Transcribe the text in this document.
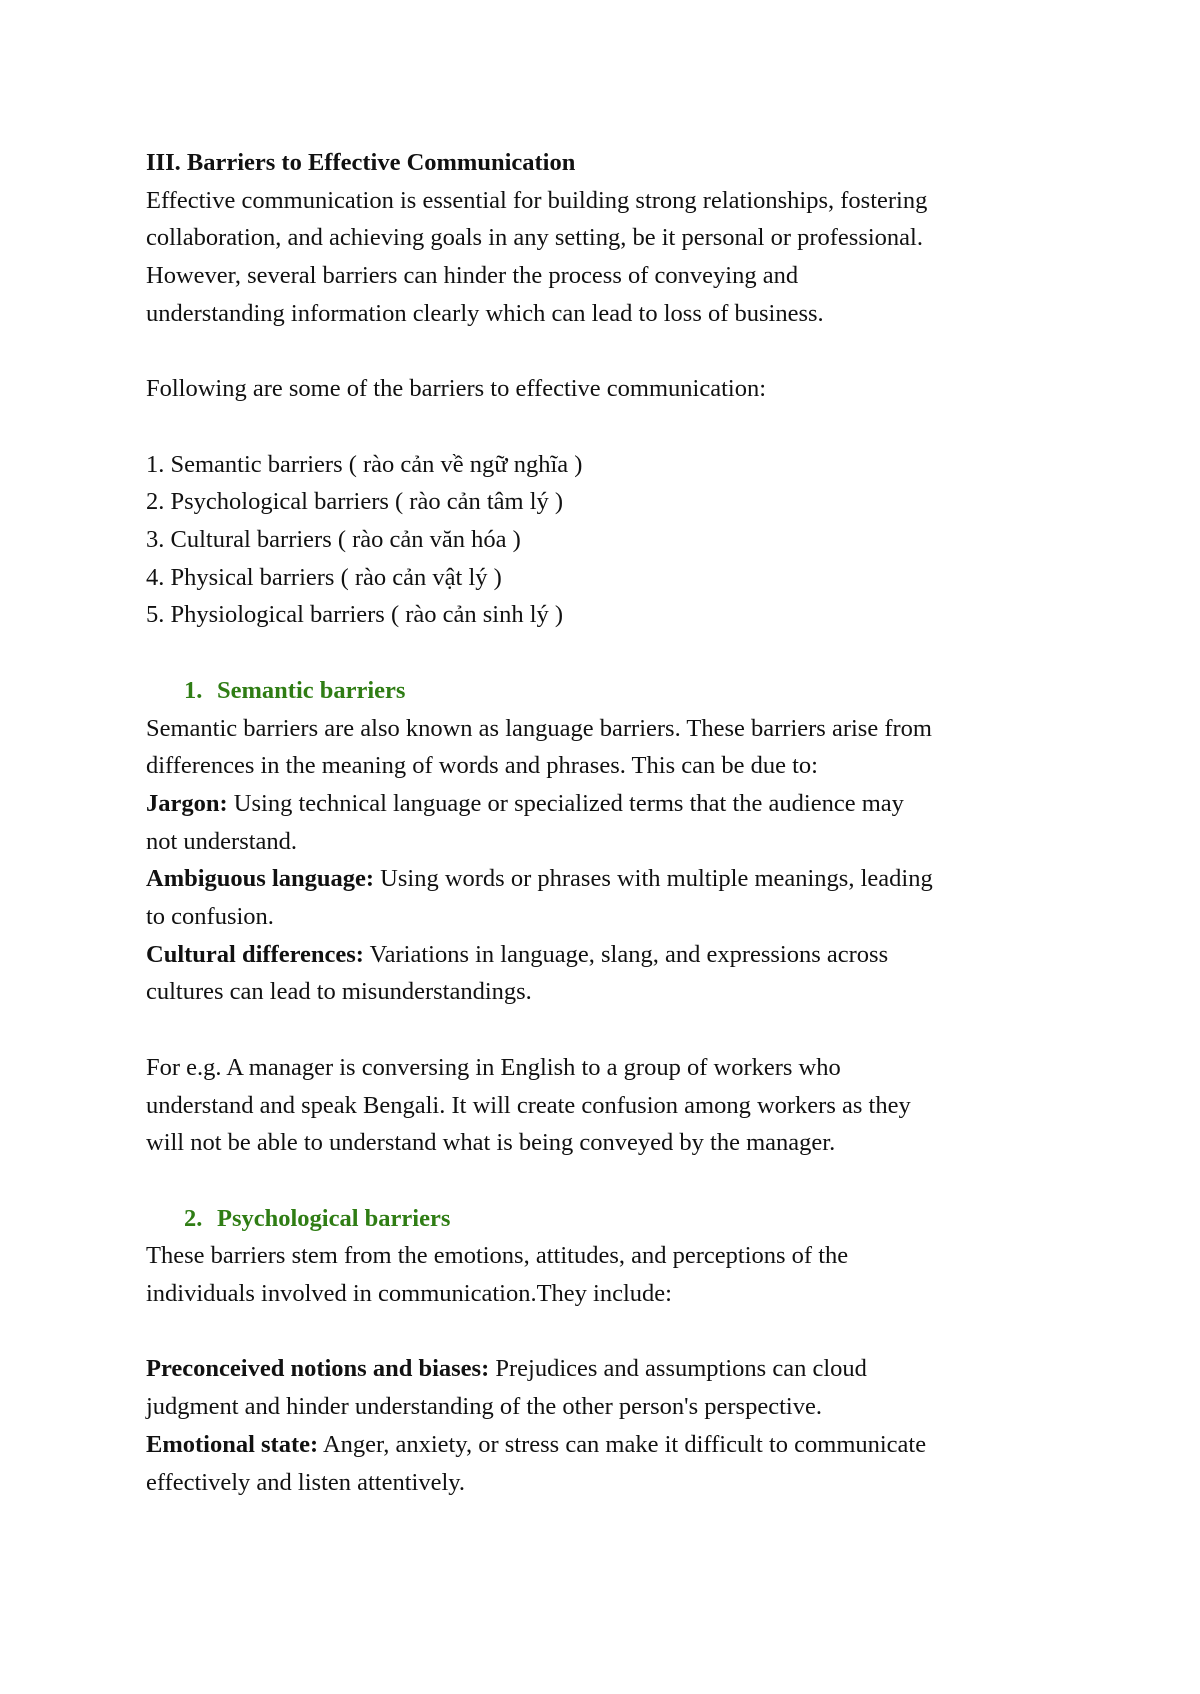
III. Barriers to Effective Communication
Effective communication is essential for building strong relationships, fostering
collaboration, and achieving goals in any setting, be it personal or professional.
However, several barriers can hinder the process of conveying and
understanding information clearly which can lead to loss of business.
Following are some of the barriers to effective communication:
1. Semantic barriers ( rào cản về ngữ nghĩa )
2. Psychological barriers ( rào cản tâm lý )
3. Cultural barriers ( rào cản văn hóa )
4. Physical barriers ( rào cản vật lý )
5. Physiological barriers ( rào cản sinh lý )
1. Semantic barriers
Semantic barriers are also known as language barriers. These barriers arise from
differences in the meaning of words and phrases. This can be due to:
Jargon: Using technical language or specialized terms that the audience may
not understand.
Ambiguous language: Using words or phrases with multiple meanings, leading
to confusion.
Cultural differences: Variations in language, slang, and expressions across
cultures can lead to misunderstandings.
For e.g. A manager is conversing in English to a group of workers who
understand and speak Bengali. It will create confusion among workers as they
will not be able to understand what is being conveyed by the manager.
2. Psychological barriers
These barriers stem from the emotions, attitudes, and perceptions of the
individuals involved in communication.They include:
Preconceived notions and biases: Prejudices and assumptions can cloud
judgment and hinder understanding of the other person's perspective.
Emotional state: Anger, anxiety, or stress can make it difficult to communicate
effectively and listen attentively.
